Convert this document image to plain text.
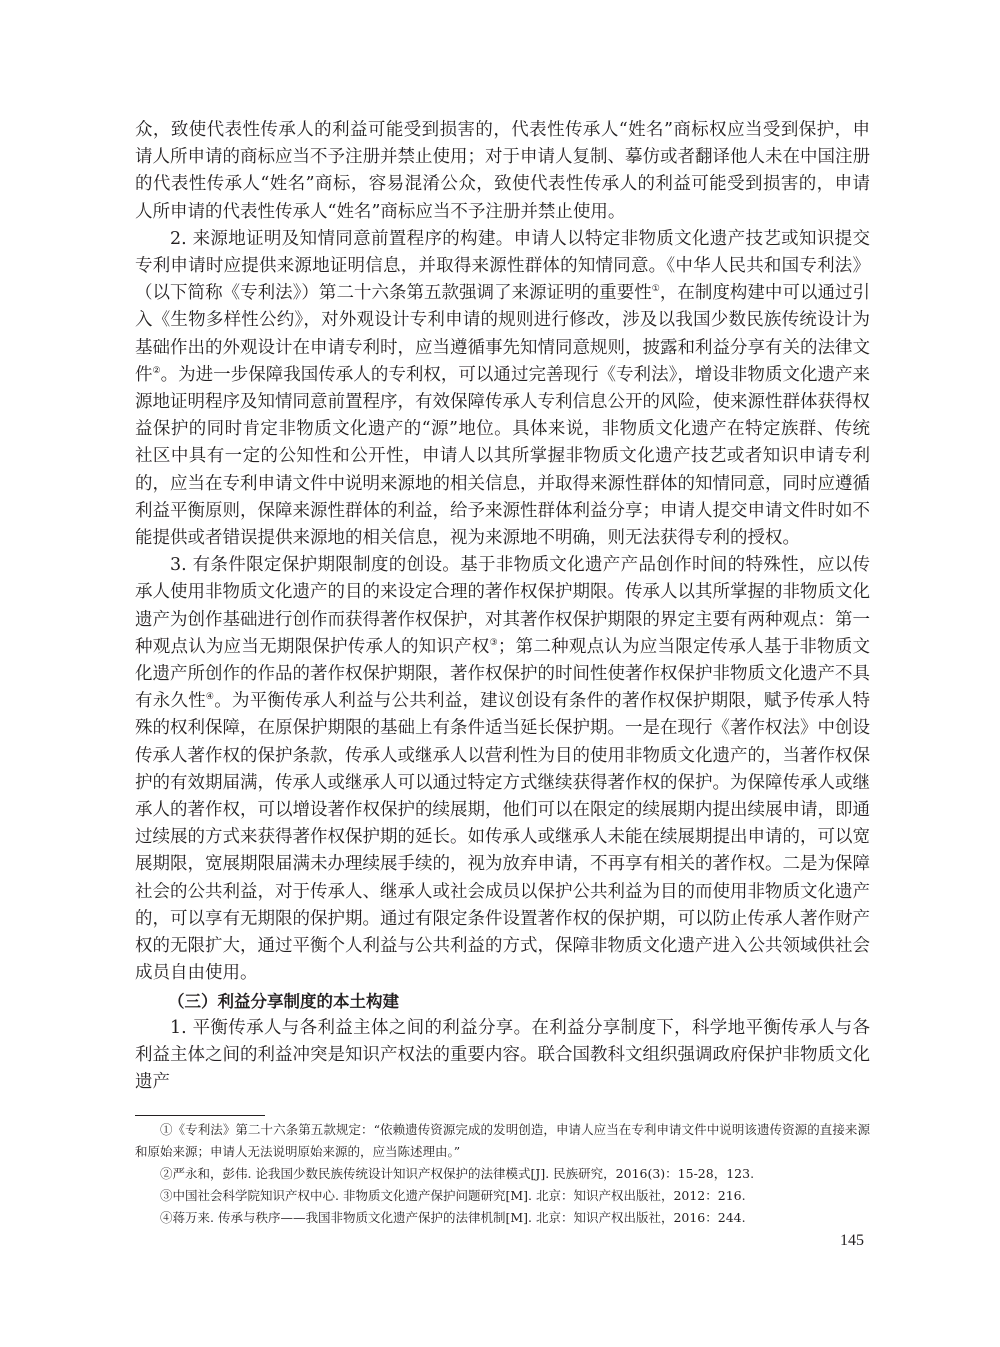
众，致使代表性传承人的利益可能受到损害的，代表性传承人“姓名”商标权应当受到保护，申请人所申请的商标应当不予注册并禁止使用；对于申请人复制、摹仿或者翻译他人未在中国注册的代表性传承人“姓名”商标，容易混淆公众，致使代表性传承人的利益可能受到损害的，申请人所申请的代表性传承人“姓名”商标应当不予注册并禁止使用。

2. 来源地证明及知情同意前置程序的构建。申请人以特定非物质文化遗产技艺或知识提交专利申请时应提供来源地证明信息，并取得来源性群体的知情同意。《中华人民共和国专利法》（以下简称《专利法》）第二十六条第五款强调了来源证明的重要性①，在制度构建中可以通过引入《生物多样性公约》，对外观设计专利申请的规则进行修改，涉及以我国少数民族传统设计为基础作出的外观设计在申请专利时，应当遵循事先知情同意规则，披露和利益分享有关的法律文件②。为进一步保障我国传承人的专利权，可以通过完善现行《专利法》，增设非物质文化遗产来源地证明程序及知情同意前置程序，有效保障传承人专利信息公开的风险，使来源性群体获得权益保护的同时肯定非物质文化遗产的“源”地位。具体来说，非物质文化遗产在特定族群、传统社区中具有一定的公知性和公开性，申请人以其所掌握非物质文化遗产技艺或者知识申请专利的，应当在专利申请文件中说明来源地的相关信息，并取得来源性群体的知情同意，同时应遵循利益平衡原则，保障来源性群体的利益，给予来源性群体利益分享；申请人提交申请文件时如不能提供或者错误提供来源地的相关信息，视为来源地不明确，则无法获得专利的授权。

3. 有条件限定保护期限制度的创设。基于非物质文化遗产产品创作时间的特殊性，应以传承人使用非物质文化遗产的目的来设定合理的著作权保护期限。传承人以其所掌握的非物质文化遗产为创作基础进行创作而获得著作权保护，对其著作权保护期限的界定主要有两种观点：第一种观点认为应当无期限保护传承人的知识产权③；第二种观点认为应当限定传承人基于非物质文化遗产所创作的作品的著作权保护期限，著作权保护的时间性使著作权保护非物质文化遗产不具有永久性④。为平衡传承人利益与公共利益，建议创设有条件的著作权保护期限，赋予传承人特殊的权利保障，在原保护期限的基础上有条件适当延长保护期。一是在现行《著作权法》中创设传承人著作权的保护条款，传承人或继承人以营利性为目的使用非物质文化遗产的，当著作权保护的有效期届满，传承人或继承人可以通过特定方式继续获得著作权的保护。为保障传承人或继承人的著作权，可以增设著作权保护的续展期，他们可以在限定的续展期内提出续展申请，即通过续展的方式来获得著作权保护期的延长。如传承人或继承人未能在续展期提出申请的，可以宽展期限，宽展期限届满未办理续展手续的，视为放弃申请，不再享有相关的著作权。二是为保障社会的公共利益，对于传承人、继承人或社会成员以保护公共利益为目的而使用非物质文化遗产的，可以享有无期限的保护期。通过有限定条件设置著作权的保护期，可以防止传承人著作财产权的无限扩大，通过平衡个人利益与公共利益的方式，保障非物质文化遗产进入公共领域供社会成员自由使用。

（三）利益分享制度的本土构建

1. 平衡传承人与各利益主体之间的利益分享。在利益分享制度下，科学地平衡传承人与各利益主体之间的利益冲突是知识产权法的重要内容。联合国教科文组织强调政府保护非物质文化遗产

①《专利法》第二十六条第五款规定：“依赖遗传资源完成的发明创造，申请人应当在专利申请文件中说明该遗传资源的直接来源和原始来源；申请人无法说明原始来源的，应当陈述理由。”

②严永和，彭伟. 论我国少数民族传统设计知识产权保护的法律模式[J]. 民族研究，2016(3)：15-28，123.

③中国社会科学院知识产权中心. 非物质文化遗产保护问题研究[M]. 北京：知识产权出版社，2012：216.

④蒋万来. 传承与秩序——我国非物质文化遗产保护的法律机制[M]. 北京：知识产权出版社，2016：244.

145
